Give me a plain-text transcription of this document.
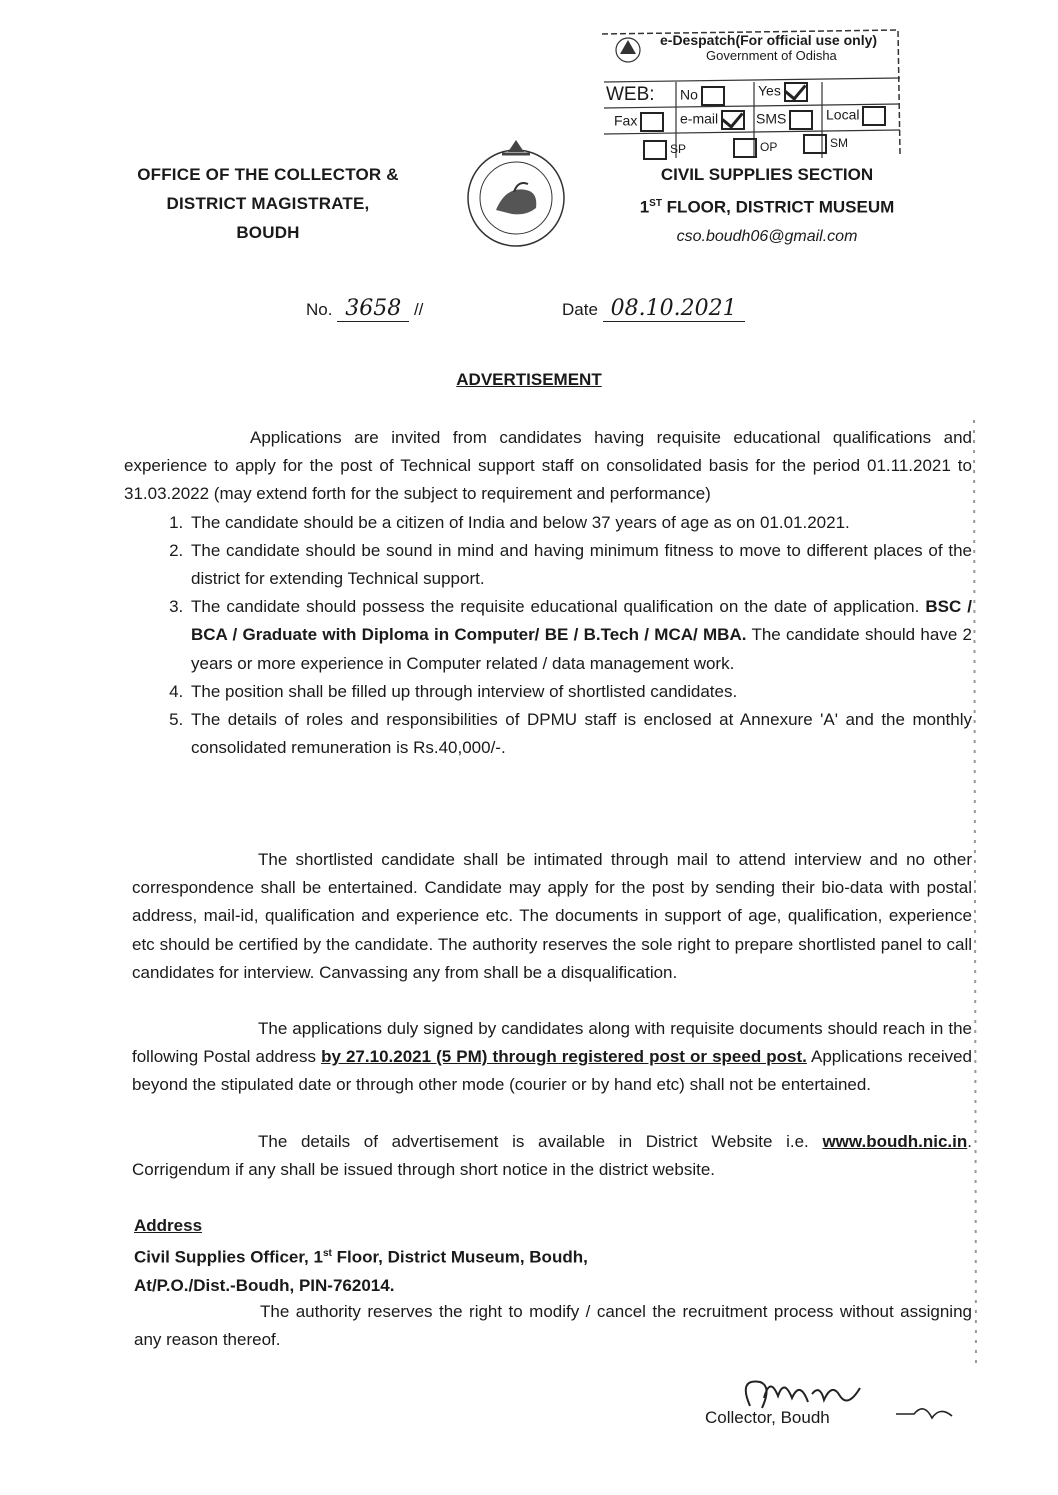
e-Despatch(For official use only)
Government of Odisha
WEB: No	Yes
Fax	e-mail	SMS	Local
SP	OP	SM
OFFICE OF THE COLLECTOR &
DISTRICT MAGISTRATE,
BOUDH
CIVIL SUPPLIES SECTION
1ST FLOOR, DISTRICT MUSEUM
cso.boudh06@gmail.com
No. 3658 //	Date 08.10.2021
ADVERTISEMENT

Applications are invited from candidates having requisite educational qualifications and experience to apply for the post of Technical support staff on consolidated basis for the period 01.11.2021 to 31.03.2022 (may extend forth for the subject to requirement and performance)

1. The candidate should be a citizen of India and below 37 years of age as on 01.01.2021.
2. The candidate should be sound in mind and having minimum fitness to move to different places of the district for extending Technical support.
3. The candidate should possess the requisite educational qualification on the date of application. BSC / BCA / Graduate with Diploma in Computer/ BE / B.Tech / MCA/ MBA. The candidate should have 2 years or more experience in Computer related / data management work.
4. The position shall be filled up through interview of shortlisted candidates.
5. The details of roles and responsibilities of DPMU staff is enclosed at Annexure 'A' and the monthly consolidated remuneration is Rs.40,000/-.

The shortlisted candidate shall be intimated through mail to attend interview and no other correspondence shall be entertained. Candidate may apply for the post by sending their bio-data with postal address, mail-id, qualification and experience etc. The documents in support of age, qualification, experience etc should be certified by the candidate. The authority reserves the sole right to prepare shortlisted panel to call candidates for interview. Canvassing any from shall be a disqualification.

The applications duly signed by candidates along with requisite documents should reach in the following Postal address by 27.10.2021 (5 PM) through registered post or speed post. Applications received beyond the stipulated date or through other mode (courier or by hand etc) shall not be entertained.

The details of advertisement is available in District Website i.e. www.boudh.nic.in. Corrigendum if any shall be issued through short notice in the district website.

Address
Civil Supplies Officer, 1st Floor, District Museum, Boudh,
At/P.O./Dist.-Boudh, PIN-762014.

The authority reserves the right to modify / cancel the recruitment process without assigning any reason thereof.

Collector, Boudh
